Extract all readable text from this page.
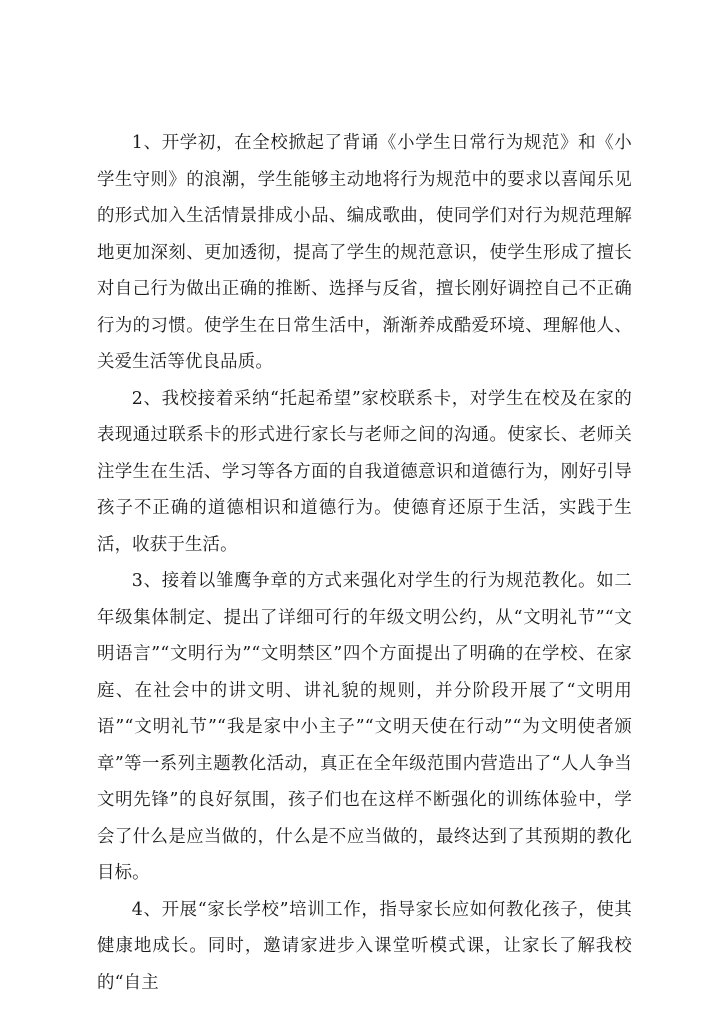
1、开学初，在全校掀起了背诵《小学生日常行为规范》和《小学生守则》的浪潮，学生能够主动地将行为规范中的要求以喜闻乐见的形式加入生活情景排成小品、编成歌曲，使同学们对行为规范理解地更加深刻、更加透彻，提高了学生的规范意识，使学生形成了擅长对自己行为做出正确的推断、选择与反省，擅长刚好调控自己不正确行为的习惯。使学生在日常生活中，渐渐养成酷爱环境、理解他人、关爱生活等优良品质。

2、我校接着采纳“托起希望”家校联系卡，对学生在校及在家的表现通过联系卡的形式进行家长与老师之间的沟通。使家长、老师关注学生在生活、学习等各方面的自我道德意识和道德行为，刚好引导孩子不正确的道德相识和道德行为。使德育还原于生活，实践于生活，收获于生活。

3、接着以雏鹰争章的方式来强化对学生的行为规范教化。如二年级集体制定、提出了详细可行的年级文明公约，从“文明礼节”“文明语言”“文明行为”“文明禁区”四个方面提出了明确的在学校、在家庭、在社会中的讲文明、讲礼貌的规则，并分阶段开展了“文明用语”“文明礼节”“我是家中小主子”“文明天使在行动”“为文明使者颁章”等一系列主题教化活动，真正在全年级范围内营造出了“人人争当文明先锋”的良好氛围，孩子们也在这样不断强化的训练体验中，学会了什么是应当做的，什么是不应当做的，最终达到了其预期的教化目标。

4、开展“家长学校”培训工作，指导家长应如何教化孩子，使其健康地成长。同时，邀请家进步入课堂听模式课，让家长了解我校的“自主
